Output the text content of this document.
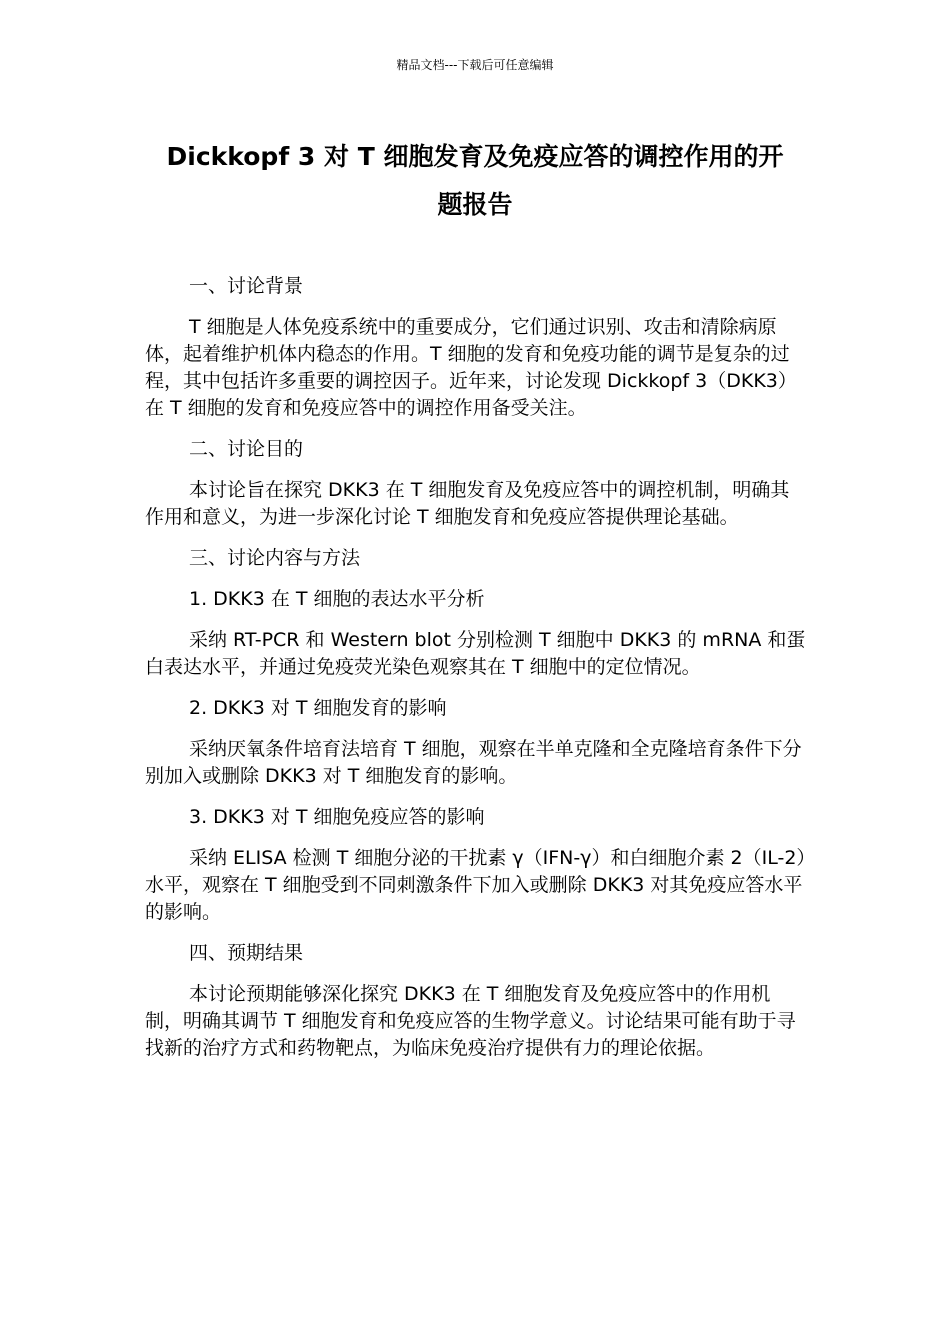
精品文档---下载后可任意编辑
Dickkopf 3 对 T 细胞发育及免疫应答的调控作用的开
题报告

一、讨论背景

T 细胞是人体免疫系统中的重要成分，它们通过识别、攻击和清除病原体，起着维护机体内稳态的作用。T 细胞的发育和免疫功能的调节是复杂的过程，其中包括许多重要的调控因子。近年来，讨论发现 Dickkopf 3（DKK3）在 T 细胞的发育和免疫应答中的调控作用备受关注。

二、讨论目的

本讨论旨在探究 DKK3 在 T 细胞发育及免疫应答中的调控机制，明确其作用和意义，为进一步深化讨论 T 细胞发育和免疫应答提供理论基础。

三、讨论内容与方法

1. DKK3 在 T 细胞的表达水平分析

采纳 RT-PCR 和 Western blot 分别检测 T 细胞中 DKK3 的 mRNA 和蛋白表达水平，并通过免疫荧光染色观察其在 T 细胞中的定位情况。

2. DKK3 对 T 细胞发育的影响

采纳厌氧条件培育法培育 T 细胞，观察在半单克隆和全克隆培育条件下分别加入或删除 DKK3 对 T 细胞发育的影响。

3. DKK3 对 T 细胞免疫应答的影响

采纳 ELISA 检测 T 细胞分泌的干扰素 γ（IFN-γ）和白细胞介素 2（IL-2）水平，观察在 T 细胞受到不同刺激条件下加入或删除 DKK3 对其免疫应答水平的影响。

四、预期结果

本讨论预期能够深化探究 DKK3 在 T 细胞发育及免疫应答中的作用机制，明确其调节 T 细胞发育和免疫应答的生物学意义。讨论结果可能有助于寻找新的治疗方式和药物靶点，为临床免疫治疗提供有力的理论依据。
